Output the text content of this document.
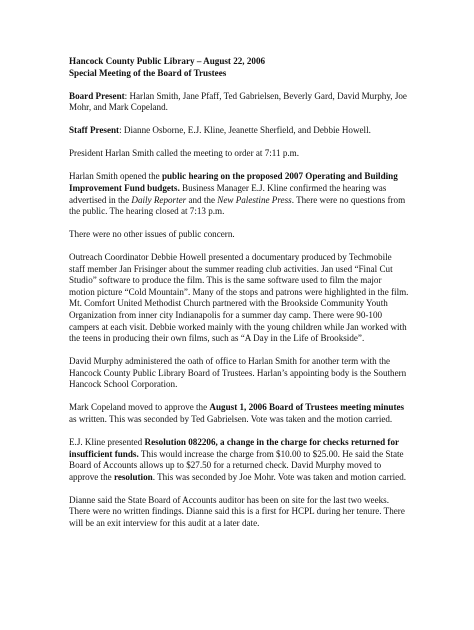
Hancock County Public Library – August 22, 2006
Special Meeting of the Board of Trustees

Board Present: Harlan Smith, Jane Pfaff, Ted Gabrielsen, Beverly Gard, David Murphy, Joe Mohr, and Mark Copeland.

Staff Present: Dianne Osborne, E.J. Kline, Jeanette Sherfield, and Debbie Howell.

President Harlan Smith called the meeting to order at 7:11 p.m.

Harlan Smith opened the public hearing on the proposed 2007 Operating and Building Improvement Fund budgets. Business Manager E.J. Kline confirmed the hearing was advertised in the Daily Reporter and the New Palestine Press. There were no questions from the public. The hearing closed at 7:13 p.m.

There were no other issues of public concern.

Outreach Coordinator Debbie Howell presented a documentary produced by Techmobile staff member Jan Frisinger about the summer reading club activities. Jan used “Final Cut Studio” software to produce the film. This is the same software used to film the major motion picture “Cold Mountain”. Many of the stops and patrons were highlighted in the film. Mt. Comfort United Methodist Church partnered with the Brookside Community Youth Organization from inner city Indianapolis for a summer day camp. There were 90-100 campers at each visit. Debbie worked mainly with the young children while Jan worked with the teens in producing their own films, such as “A Day in the Life of Brookside”.

David Murphy administered the oath of office to Harlan Smith for another term with the Hancock County Public Library Board of Trustees. Harlan’s appointing body is the Southern Hancock School Corporation.

Mark Copeland moved to approve the August 1, 2006 Board of Trustees meeting minutes as written. This was seconded by Ted Gabrielsen. Vote was taken and the motion carried.

E.J. Kline presented Resolution 082206, a change in the charge for checks returned for insufficient funds. This would increase the charge from $10.00 to $25.00. He said the State Board of Accounts allows up to $27.50 for a returned check. David Murphy moved to approve the resolution. This was seconded by Joe Mohr. Vote was taken and motion carried.

Dianne said the State Board of Accounts auditor has been on site for the last two weeks. There were no written findings. Dianne said this is a first for HCPL during her tenure. There will be an exit interview for this audit at a later date.
